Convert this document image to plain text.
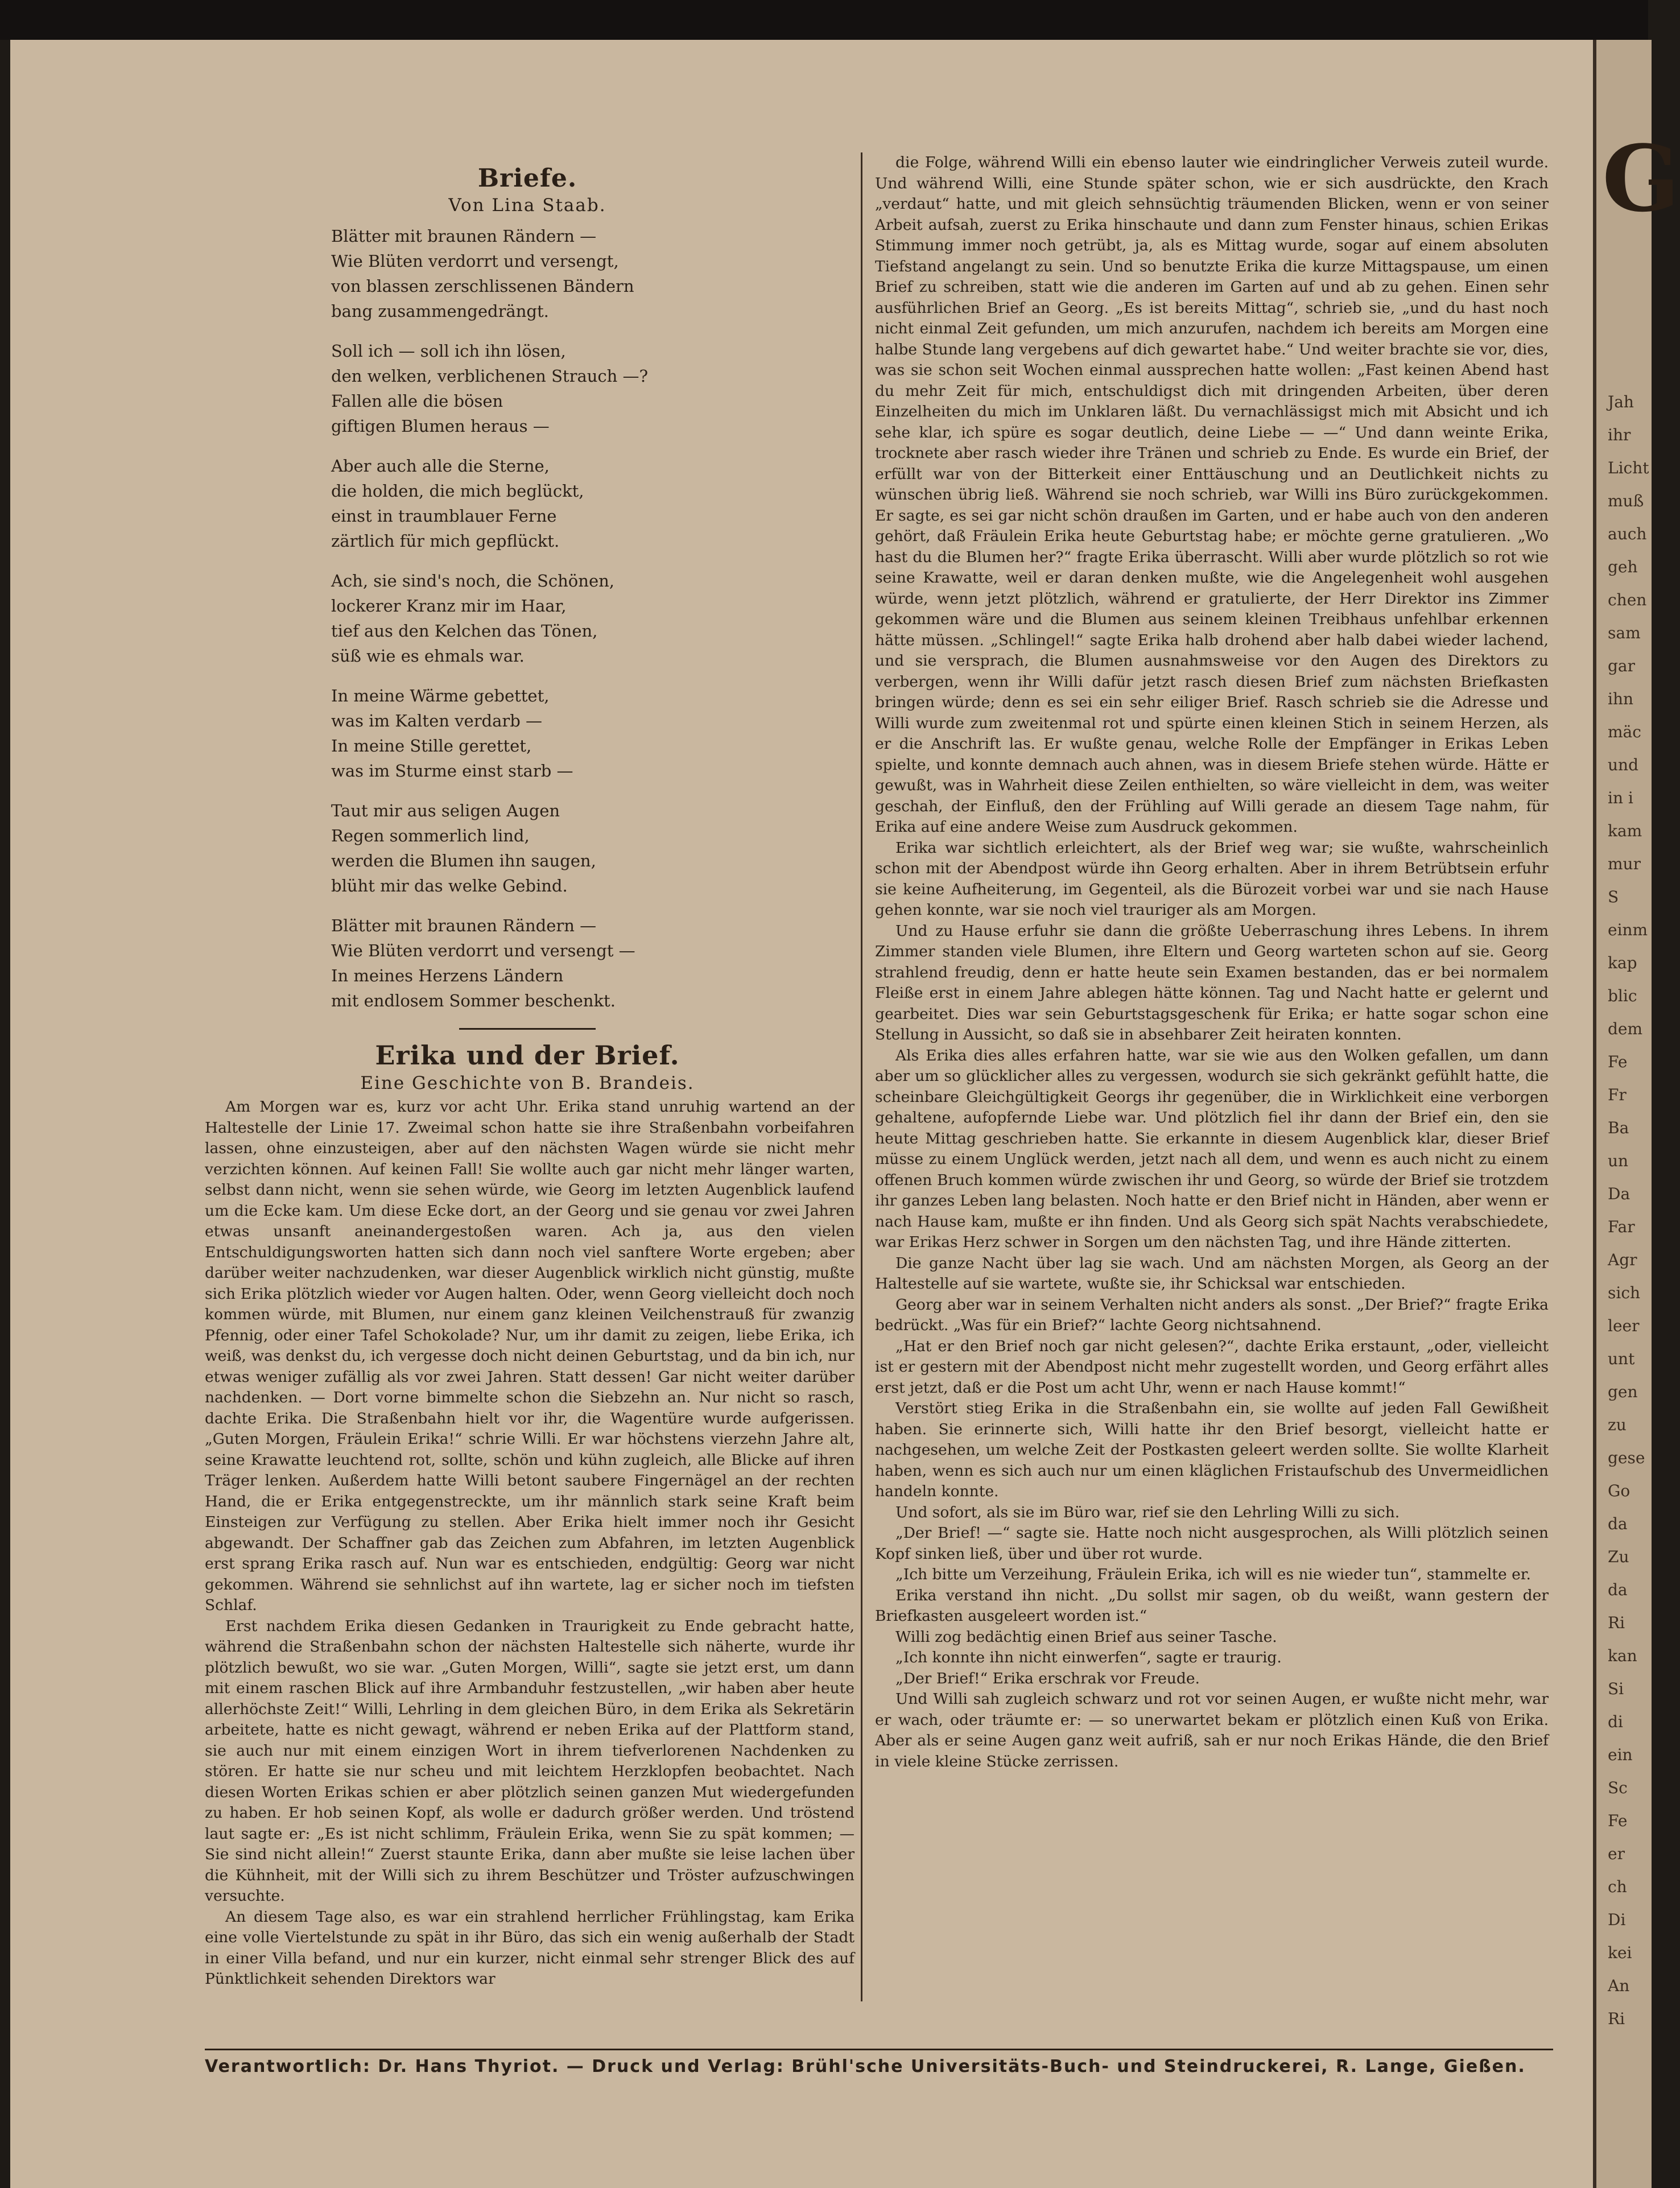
Briefe.
Von Lina Staab.
Blätter mit braunen Rändern —
Wie Blüten verdorrt und versengt,
von blassen zerschlissenen Bändern
bang zusammengedrängt.
Soll ich — soll ich ihn lösen,
den welken, verblichenen Strauch —?
Fallen alle die bösen
giftigen Blumen heraus —
Aber auch alle die Sterne,
die holden, die mich beglückt,
einst in traumblauer Ferne
zärtlich für mich gepflückt.
Ach, sie sind's noch, die Schönen,
lockerer Kranz mir im Haar,
tief aus den Kelchen das Tönen,
süß wie es ehmals war.
In meine Wärme gebettet,
was im Kalten verdarb —
In meine Stille gerettet,
was im Sturme einst starb —
Taut mir aus seligen Augen
Regen sommerlich lind,
werden die Blumen ihn saugen,
blüht mir das welke Gebind.
Blätter mit braunen Rändern —
Wie Blüten verdorrt und versengt —
In meines Herzens Ländern
mit endlosem Sommer beschenkt.
Erika und der Brief.
Eine Geschichte von B. Brandeis.

Am Morgen war es, kurz vor acht Uhr. Erika stand unruhig wartend an der Haltestelle der Linie 17. Zweimal schon hatte sie ihre Straßenbahn vorbeifahren lassen, ohne einzusteigen, aber auf den nächsten Wagen würde sie nicht mehr verzichten können. Auf keinen Fall! Sie wollte auch gar nicht mehr länger warten, selbst dann nicht, wenn sie sehen würde, wie Georg im letzten Augenblick laufend um die Ecke kam. Um diese Ecke dort, an der Georg und sie genau vor zwei Jahren etwas unsanft aneinandergestoßen waren. Ach ja, aus den vielen Entschuldigungsworten hatten sich dann noch viel sanftere Worte ergeben; aber darüber weiter nachzudenken, war dieser Augenblick wirklich nicht günstig, mußte sich Erika plötzlich wieder vor Augen halten. Oder, wenn Georg vielleicht doch noch kommen würde, mit Blumen, nur einem ganz kleinen Veilchenstrauß für zwanzig Pfennig, oder einer Tafel Schokolade? Nur, um ihr damit zu zeigen, liebe Erika, ich weiß, was denkst du, ich vergesse doch nicht deinen Geburtstag, und da bin ich, nur etwas weniger zufällig als vor zwei Jahren. Statt dessen! Gar nicht weiter darüber nachdenken. — Dort vorne bimmelte schon die Siebzehn an. Nur nicht so rasch, dachte Erika. Die Straßenbahn hielt vor ihr, die Wagentüre wurde aufgerissen. „Guten Morgen, Fräulein Erika!“ schrie Willi. Er war höchstens vierzehn Jahre alt, seine Krawatte leuchtend rot, sollte, schön und kühn zugleich, alle Blicke auf ihren Träger lenken. Außerdem hatte Willi betont saubere Fingernägel an der rechten Hand, die er Erika entgegenstreckte, um ihr männlich stark seine Kraft beim Einsteigen zur Verfügung zu stellen. Aber Erika hielt immer noch ihr Gesicht abgewandt. Der Schaffner gab das Zeichen zum Abfahren, im letzten Augenblick erst sprang Erika rasch auf. Nun war es entschieden, endgültig: Georg war nicht gekommen. Während sie sehnlichst auf ihn wartete, lag er sicher noch im tiefsten Schlaf.

Erst nachdem Erika diesen Gedanken in Traurigkeit zu Ende gebracht hatte, während die Straßenbahn schon der nächsten Haltestelle sich näherte, wurde ihr plötzlich bewußt, wo sie war. „Guten Morgen, Willi“, sagte sie jetzt erst, um dann mit einem raschen Blick auf ihre Armbanduhr festzustellen, „wir haben aber heute allerhöchste Zeit!“ Willi, Lehrling in dem gleichen Büro, in dem Erika als Sekretärin arbeitete, hatte es nicht gewagt, während er neben Erika auf der Plattform stand, sie auch nur mit einem einzigen Wort in ihrem tiefverlorenen Nachdenken zu stören. Er hatte sie nur scheu und mit leichtem Herzklopfen beobachtet. Nach diesen Worten Erikas schien er aber plötzlich seinen ganzen Mut wiedergefunden zu haben. Er hob seinen Kopf, als wolle er dadurch größer werden. Und tröstend laut sagte er: „Es ist nicht schlimm, Fräulein Erika, wenn Sie zu spät kommen; — Sie sind nicht allein!“ Zuerst staunte Erika, dann aber mußte sie leise lachen über die Kühnheit, mit der Willi sich zu ihrem Beschützer und Tröster aufzuschwingen versuchte.

An diesem Tage also, es war ein strahlend herrlicher Frühlingstag, kam Erika eine volle Viertelstunde zu spät in ihr Büro, das sich ein wenig außerhalb der Stadt in einer Villa befand, und nur ein kurzer, nicht einmal sehr strenger Blick des auf Pünktlichkeit sehenden Direktors war

die Folge, während Willi ein ebenso lauter wie eindringlicher Verweis zuteil wurde. Und während Willi, eine Stunde später schon, wie er sich ausdrückte, den Krach „verdaut“ hatte, und mit gleich sehnsüchtig träumenden Blicken, wenn er von seiner Arbeit aufsah, zuerst zu Erika hinschaute und dann zum Fenster hinaus, schien Erikas Stimmung immer noch getrübt, ja, als es Mittag wurde, sogar auf einem absoluten Tiefstand angelangt zu sein. Und so benutzte Erika die kurze Mittagspause, um einen Brief zu schreiben, statt wie die anderen im Garten auf und ab zu gehen. Einen sehr ausführlichen Brief an Georg. „Es ist bereits Mittag“, schrieb sie, „und du hast noch nicht einmal Zeit gefunden, um mich anzurufen, nachdem ich bereits am Morgen eine halbe Stunde lang vergebens auf dich gewartet habe.“ Und weiter brachte sie vor, dies, was sie schon seit Wochen einmal aussprechen hatte wollen: „Fast keinen Abend hast du mehr Zeit für mich, entschuldigst dich mit dringenden Arbeiten, über deren Einzelheiten du mich im Unklaren läßt. Du vernachlässigst mich mit Absicht und ich sehe klar, ich spüre es sogar deutlich, deine Liebe — —“ Und dann weinte Erika, trocknete aber rasch wieder ihre Tränen und schrieb zu Ende. Es wurde ein Brief, der erfüllt war von der Bitterkeit einer Enttäuschung und an Deutlichkeit nichts zu wünschen übrig ließ. Während sie noch schrieb, war Willi ins Büro zurückgekommen. Er sagte, es sei gar nicht schön draußen im Garten, und er habe auch von den anderen gehört, daß Fräulein Erika heute Geburtstag habe; er möchte gerne gratulieren. „Wo hast du die Blumen her?“ fragte Erika überrascht. Willi aber wurde plötzlich so rot wie seine Krawatte, weil er daran denken mußte, wie die Angelegenheit wohl ausgehen würde, wenn jetzt plötzlich, während er gratulierte, der Herr Direktor ins Zimmer gekommen wäre und die Blumen aus seinem kleinen Treibhaus unfehlbar erkennen hätte müssen. „Schlingel!“ sagte Erika halb drohend aber halb dabei wieder lachend, und sie versprach, die Blumen ausnahmsweise vor den Augen des Direktors zu verbergen, wenn ihr Willi dafür jetzt rasch diesen Brief zum nächsten Briefkasten bringen würde; denn es sei ein sehr eiliger Brief. Rasch schrieb sie die Adresse und Willi wurde zum zweitenmal rot und spürte einen kleinen Stich in seinem Herzen, als er die Anschrift las. Er wußte genau, welche Rolle der Empfänger in Erikas Leben spielte, und konnte demnach auch ahnen, was in diesem Briefe stehen würde. Hätte er gewußt, was in Wahrheit diese Zeilen enthielten, so wäre vielleicht in dem, was weiter geschah, der Einfluß, den der Frühling auf Willi gerade an diesem Tage nahm, für Erika auf eine andere Weise zum Ausdruck gekommen.

Erika war sichtlich erleichtert, als der Brief weg war; sie wußte, wahrscheinlich schon mit der Abendpost würde ihn Georg erhalten. Aber in ihrem Betrübtsein erfuhr sie keine Aufheiterung, im Gegenteil, als die Bürozeit vorbei war und sie nach Hause gehen konnte, war sie noch viel trauriger als am Morgen.

Und zu Hause erfuhr sie dann die größte Ueberraschung ihres Lebens. In ihrem Zimmer standen viele Blumen, ihre Eltern und Georg warteten schon auf sie. Georg strahlend freudig, denn er hatte heute sein Examen bestanden, das er bei normalem Fleiße erst in einem Jahre ablegen hätte können. Tag und Nacht hatte er gelernt und gearbeitet. Dies war sein Geburtstagsgeschenk für Erika; er hatte sogar schon eine Stellung in Aussicht, so daß sie in absehbarer Zeit heiraten konnten.

Als Erika dies alles erfahren hatte, war sie wie aus den Wolken gefallen, um dann aber um so glücklicher alles zu vergessen, wodurch sie sich gekränkt gefühlt hatte, die scheinbare Gleichgültigkeit Georgs ihr gegenüber, die in Wirklichkeit eine verborgen gehaltene, aufopfernde Liebe war. Und plötzlich fiel ihr dann der Brief ein, den sie heute Mittag geschrieben hatte. Sie erkannte in diesem Augenblick klar, dieser Brief müsse zu einem Unglück werden, jetzt nach all dem, und wenn es auch nicht zu einem offenen Bruch kommen würde zwischen ihr und Georg, so würde der Brief sie trotzdem ihr ganzes Leben lang belasten. Noch hatte er den Brief nicht in Händen, aber wenn er nach Hause kam, mußte er ihn finden. Und als Georg sich spät Nachts verabschiedete, war Erikas Herz schwer in Sorgen um den nächsten Tag, und ihre Hände zitterten.

Die ganze Nacht über lag sie wach. Und am nächsten Morgen, als Georg an der Haltestelle auf sie wartete, wußte sie, ihr Schicksal war entschieden.

Georg aber war in seinem Verhalten nicht anders als sonst. „Der Brief?“ fragte Erika bedrückt. „Was für ein Brief?“ lachte Georg nichtsahnend.

„Hat er den Brief noch gar nicht gelesen?“, dachte Erika erstaunt, „oder, vielleicht ist er gestern mit der Abendpost nicht mehr zugestellt worden, und Georg erfährt alles erst jetzt, daß er die Post um acht Uhr, wenn er nach Hause kommt!“

Verstört stieg Erika in die Straßenbahn ein, sie wollte auf jeden Fall Gewißheit haben. Sie erinnerte sich, Willi hatte ihr den Brief besorgt, vielleicht hatte er nachgesehen, um welche Zeit der Postkasten geleert werden sollte. Sie wollte Klarheit haben, wenn es sich auch nur um einen kläglichen Fristaufschub des Unvermeidlichen handeln konnte.

Und sofort, als sie im Büro war, rief sie den Lehrling Willi zu sich.

„Der Brief! —“ sagte sie. Hatte noch nicht ausgesprochen, als Willi plötzlich seinen Kopf sinken ließ, über und über rot wurde.

„Ich bitte um Verzeihung, Fräulein Erika, ich will es nie wieder tun“, stammelte er.

Erika verstand ihn nicht. „Du sollst mir sagen, ob du weißt, wann gestern der Briefkasten ausgeleert worden ist.“

Willi zog bedächtig einen Brief aus seiner Tasche.

„Ich konnte ihn nicht einwerfen“, sagte er traurig.

„Der Brief!“ Erika erschrak vor Freude.

Und Willi sah zugleich schwarz und rot vor seinen Augen, er wußte nicht mehr, war er wach, oder träumte er: — so unerwartet bekam er plötzlich einen Kuß von Erika. Aber als er seine Augen ganz weit aufriß, sah er nur noch Erikas Hände, die den Brief in viele kleine Stücke zerrissen.

Verantwortlich: Dr. Hans Thyriot. — Druck und Verlag: Brühl'sche Universitäts-Buch- und Steindruckerei, R. Lange, Gießen.
G
Jah
ihr
Licht
muß
auch
geh
chen
sam
gar
ihn
mäc
und
in i
kam
mur
S
einm
kap
blic
dem
Fe
Fr
Ba
un
Da
Far
Agr
sich
leer
unt
gen
zu
gese
Go
da
Zu
da
Ri
kan
Si
di
ein
Sc
Fe
er
ch
Di
kei
An
Ri
